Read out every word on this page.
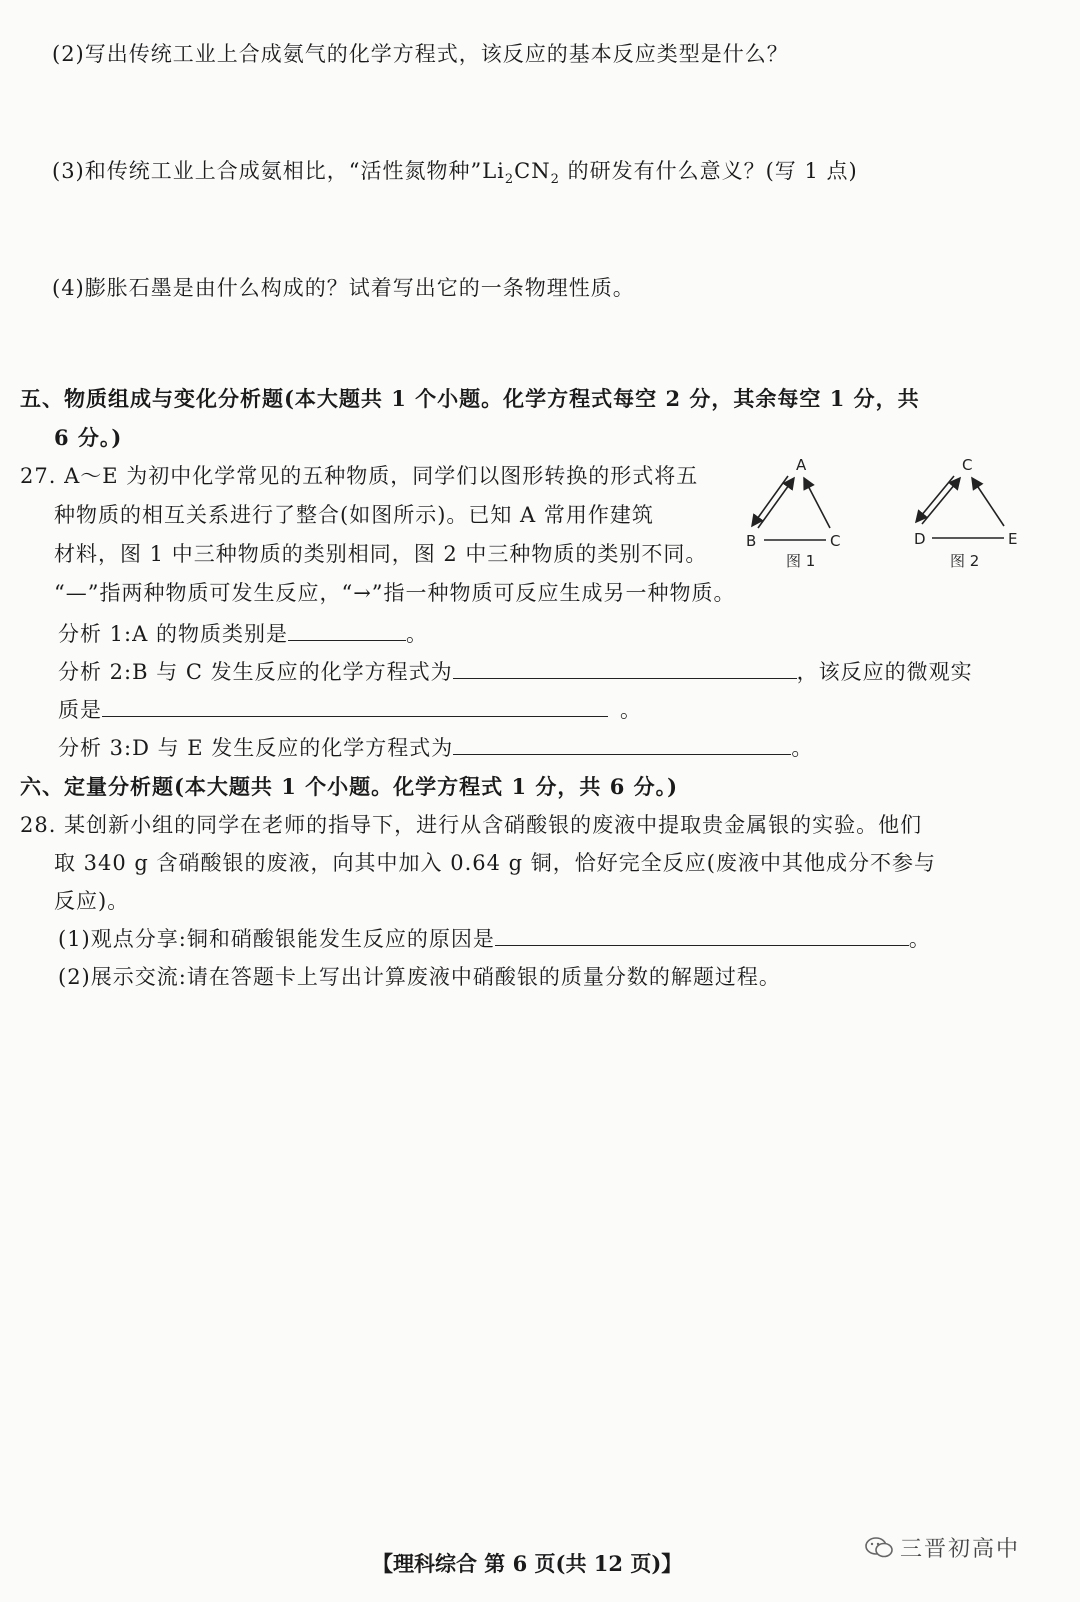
(2)写出传统工业上合成氨气的化学方程式，该反应的基本反应类型是什么？
(3)和传统工业上合成氨相比，“活性氮物种$”Li_2CN_2$ 的研发有什么意义？(写 1 点)
(4)膨胀石墨是由什么构成的？试着写出它的一条物理性质。
五、物质组成与变化分析题(本大题共 1 个小题。化学方程式每空 2 分，其余每空 1 分，共
6 分。)
27. A～E 为初中化学常见的五种物质，同学们以图形转换的形式将五
种物质的相互关系进行了整合(如图所示)。已知 A 常用作建筑
材料，图 1 中三种物质的类别相同，图 2 中三种物质的类别不同。
“—”指两种物质可发生反应，“→”指一种物质可反应生成另一种物质。
分析 1:A 的物质类别是	。
分析 2:B 与 C 发生反应的化学方程式为	，该反应的微观实
质是	。
分析 3:D 与 E 发生反应的化学方程式为	。
A
B	C
图 1
C
D	E
图 2
六、定量分析题(本大题共 1 个小题。化学方程式 1 分，共 6 分。)
28. 某创新小组的同学在老师的指导下，进行从含硝酸银的废液中提取贵金属银的实验。他们
取 340 g 含硝酸银的废液，向其中加入 0.64 g 铜，恰好完全反应(废液中其他成分不参与
反应)。
(1)观点分享:铜和硝酸银能发生反应的原因是	。
(2)展示交流:请在答题卡上写出计算废液中硝酸银的质量分数的解题过程。
【理科综合 第 6 页(共 12 页)】
三晋初高中
